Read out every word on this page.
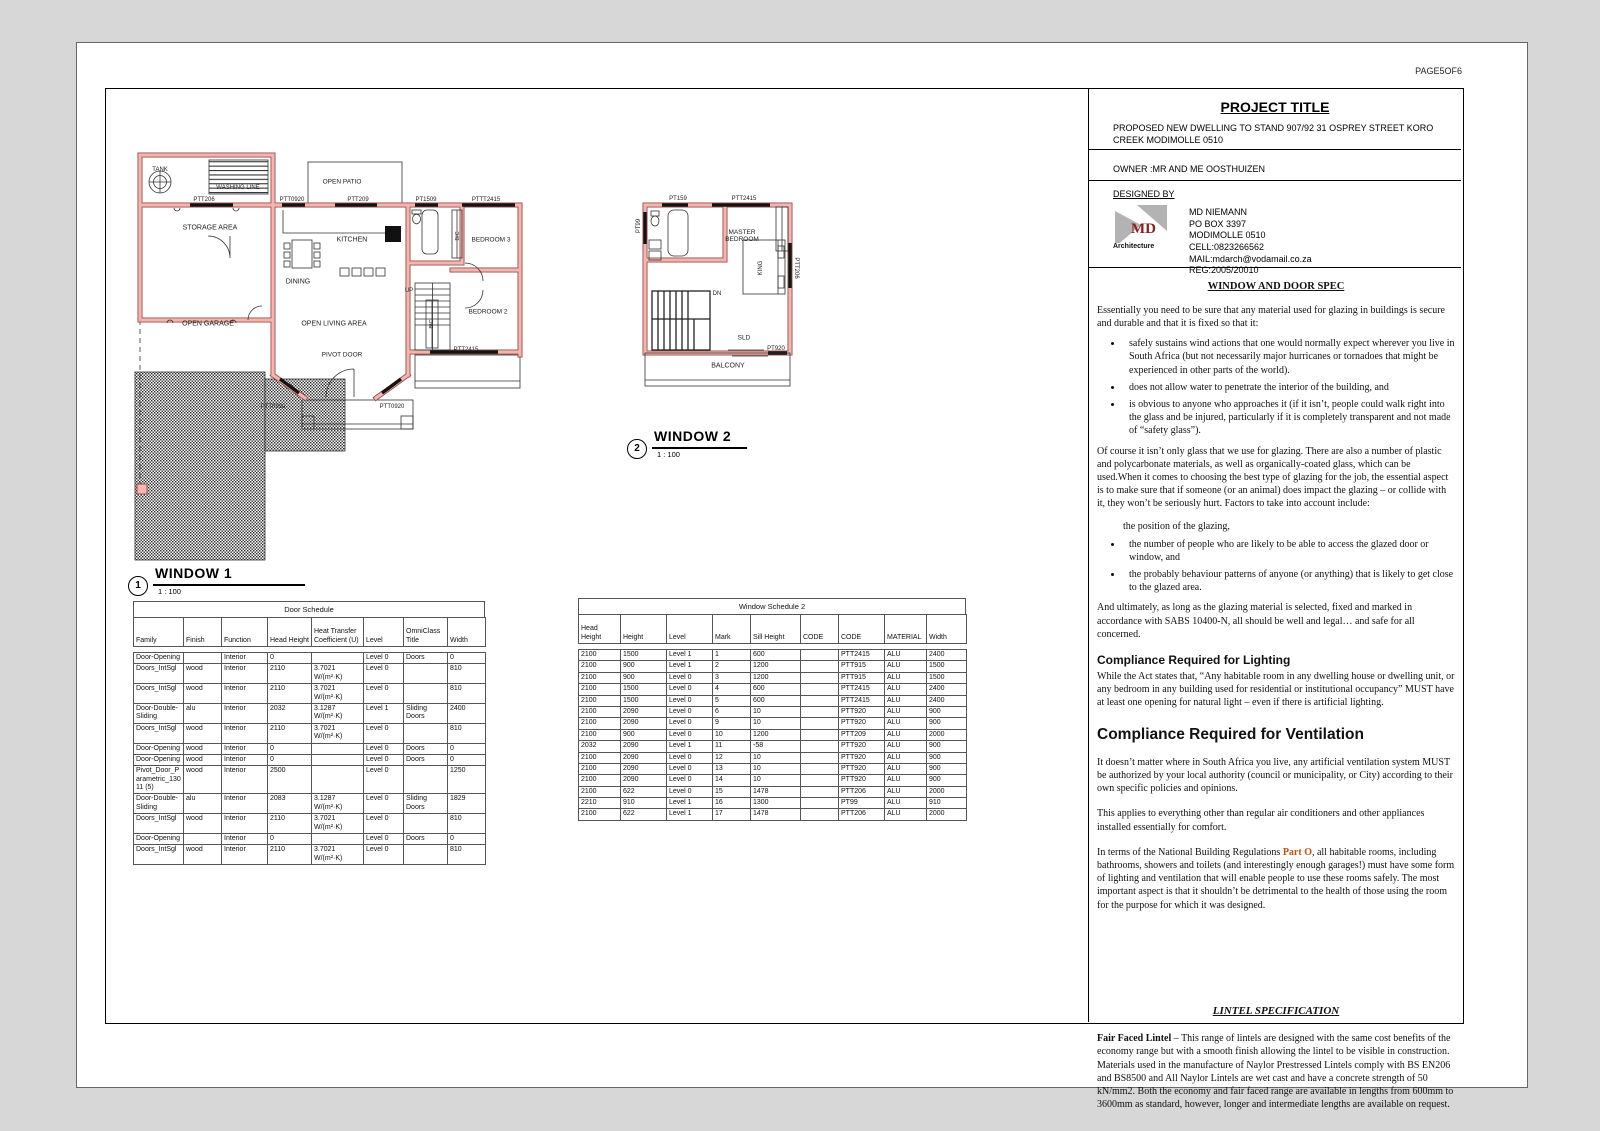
PAGE5OF6
TANK
WASHING LINE
PTT206	PTT0920
OPEN PATIO
PTT209	PT1509	PTTT2415
STORAGE AREA
KITCHEN
DINING
BEDROOM 3
BIC
BEDROOM 2
BIC
UP
OPEN GARAGE	OPEN LIVING AREA
PIVOT DOOR
PTT0920	PTT0920
PTT2415
1
WINDOW 1
1 : 100
PT159	PTT2415
PT99	MASTER BEDROOM
KING	PTT206
DN
SLD
PT920
BALCONY
2
WINDOW 2
1 : 100
Door Schedule
Family	Finish	Function	Head Height	Heat Transfer Coefficient (U)	Level	OmniClass Title	Width
Door-Opening		Interior	0		Level 0	Doors	0
Doors_IntSgl	wood	Interior	2110	3.7021 W/(m²·K)	Level 0		810
Doors_IntSgl	wood	Interior	2110	3.7021 W/(m²·K)	Level 0		810
Door-Double-Sliding	alu	Interior	2032	3.1287 W/(m²·K)	Level 1	Sliding Doors	2400
Doors_IntSgl	wood	Interior	2110	3.7021 W/(m²·K)	Level 0		810
Door-Opening	wood	Interior	0		Level 0	Doors	0
Door-Opening	wood	Interior	0		Level 0	Doors	0
Pivot_Door_Parametric_13011 (5)	wood	Interior	2500		Level 0		1250
Door-Double-Sliding	alu	Interior	2083	3.1287 W/(m²·K)	Level 0	Sliding Doors	1829
Doors_IntSgl	wood	Interior	2110	3.7021 W/(m²·K)	Level 0		810
Door-Opening		Interior	0		Level 0	Doors	0
Doors_IntSgl	wood	Interior	2110	3.7021 W/(m²·K)	Level 0		810
Window Schedule 2
Head Height	Height	Level	Mark	Sill Height	CODE	CODE	MATERIAL	Width
2100	1500	Level 1	1	600		PTT2415	ALU	2400
2100	900	Level 1	2	1200		PTT915	ALU	1500
2100	900	Level 0	3	1200		PTT915	ALU	1500
2100	1500	Level 0	4	600		PTT2415	ALU	2400
2100	1500	Level 0	5	600		PTT2415	ALU	2400
2100	2090	Level 0	6	10		PTT920	ALU	900
2100	2090	Level 0	9	10		PTT920	ALU	900
2100	900	Level 0	10	1200		PTT209	ALU	2000
2032	2090	Level 1	11	-58		PTT920	ALU	900
2100	2090	Level 0	12	10		PTT920	ALU	900
2100	2090	Level 0	13	10		PTT920	ALU	900
2100	2090	Level 0	14	10		PTT920	ALU	900
2100	622	Level 0	15	1478		PTT206	ALU	2000
2210	910	Level 1	16	1300		PT99	ALU	910
2100	622	Level 1	17	1478		PTT206	ALU	2000
PROJECT TITLE

PROPOSED NEW DWELLING TO STAND 907/92 31 OSPREY STREET KORO CREEK MODIMOLLE 0510

OWNER :MR AND ME OOSTHUIZEN
DESIGNED BY
MD
Architecture
MD NIEMANN
PO BOX 3397
MODIMOLLE 0510
CELL:0823266562
MAIL:mdarch@vodamail.co.za
REG:2005/20010
WINDOW AND DOOR SPEC

Essentially you need to be sure that any material used for glazing in buildings is secure and durable and that it is fixed so that it:

• safely sustains wind actions that one would normally expect wherever you live in South Africa (but not necessarily major hurricanes or tornadoes that might be experienced in other parts of the world).
• does not allow water to penetrate the interior of the building, and
• is obvious to anyone who approaches it (if it isn’t, people could walk right into the glass and be injured, particularly if it is completely transparent and not made of “safety glass”).

Of course it isn’t only glass that we use for glazing. There are also a number of plastic and polycarbonate materials, as well as organically-coated glass, which can be used.When it comes to choosing the best type of glazing for the job, the essential aspect is to make sure that if someone (or an animal) does impact the glazing – or collide with it, they won’t be seriously hurt. Factors to take into account include:

the position of the glazing,
• the number of people who are likely to be able to access the glazed door or window, and
• the probably behaviour patterns of anyone (or anything) that is likely to get close to the glazed area.

And ultimately, as long as the glazing material is selected, fixed and marked in accordance with SABS 10400-N, all should be well and legal… and safe for all concerned.

Compliance Required for Lighting

While the Act states that, “Any habitable room in any dwelling house or dwelling unit, or any bedroom in any building used for residential or institutional occupancy” MUST have at least one opening for natural light – even if there is artificial lighting.

Compliance Required for Ventilation

It doesn’t matter where in South Africa you live, any artificial ventilation system MUST be authorized by your local authority (council or municipality, or City) according to their own specific policies and opinions.

This applies to everything other than regular air conditioners and other appliances installed essentially for comfort.

In terms of the National Building Regulations Part O, all habitable rooms, including bathrooms, showers and toilets (and interestingly enough garages!) must have some form of lighting and ventilation that will enable people to use these rooms safely. The most important aspect is that it shouldn’t be detrimental to the health of those using the room for the purpose for which it was designed.

LINTEL SPECIFICATION

Fair Faced Lintel – This range of lintels are designed with the same cost benefits of the economy range but with a smooth finish allowing the lintel to be visible in construction. Materials used in the manufacture of Naylor Prestressed Lintels comply with BS EN206 and BS8500 and All Naylor Lintels are wet cast and have a concrete strength of 50 kN/mm2. Both the economy and fair faced range are available in lengths from 600mm to 3600mm as standard, however, longer and intermediate lengths are available on request.
